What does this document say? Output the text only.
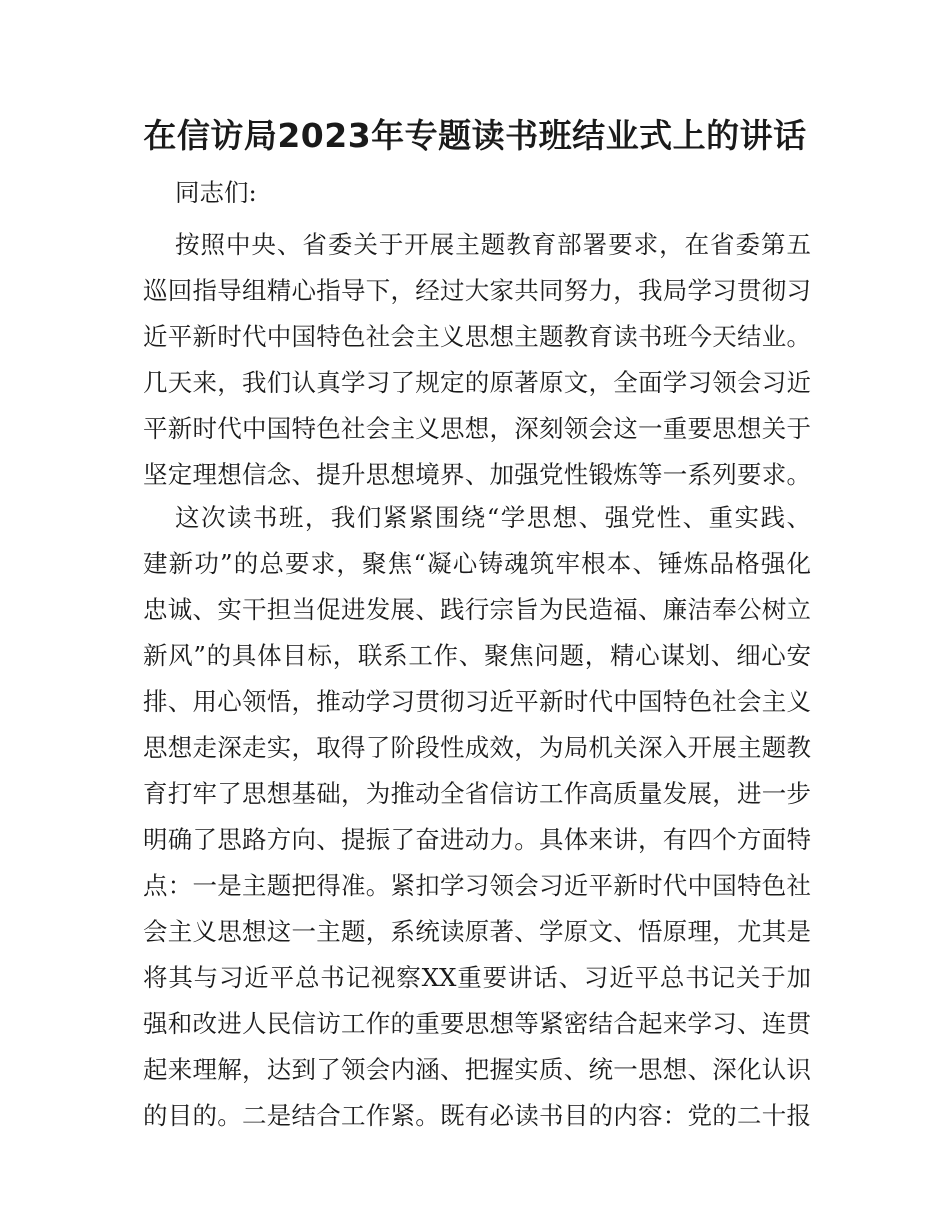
在信访局2023年专题读书班结业式上的讲话

同志们:

按照中央、省委关于开展主题教育部署要求，在省委第五
巡回指导组精心指导下，经过大家共同努力，我局学习贯彻习
近平新时代中国特色社会主义思想主题教育读书班今天结业。
几天来，我们认真学习了规定的原著原文，全面学习领会习近
平新时代中国特色社会主义思想，深刻领会这一重要思想关于
坚定理想信念、提升思想境界、加强党性锻炼等一系列要求。
这次读书班，我们紧紧围绕“学思想、强党性、重实践、
建新功”的总要求，聚焦“凝心铸魂筑牢根本、锤炼品格强化
忠诚、实干担当促进发展、践行宗旨为民造福、廉洁奉公树立
新风”的具体目标，联系工作、聚焦问题，精心谋划、细心安
排、用心领悟，推动学习贯彻习近平新时代中国特色社会主义
思想走深走实，取得了阶段性成效，为局机关深入开展主题教
育打牢了思想基础，为推动全省信访工作高质量发展，进一步
明确了思路方向、提振了奋进动力。具体来讲，有四个方面特
点：一是主题把得准。紧扣学习领会习近平新时代中国特色社
会主义思想这一主题，系统读原著、学原文、悟原理，尤其是
将其与习近平总书记视察XX重要讲话、习近平总书记关于加
强和改进人民信访工作的重要思想等紧密结合起来学习、连贯
起来理解，达到了领会内涵、把握实质、统一思想、深化认识
的目的。二是结合工作紧。既有必读书目的内容：党的二十报
